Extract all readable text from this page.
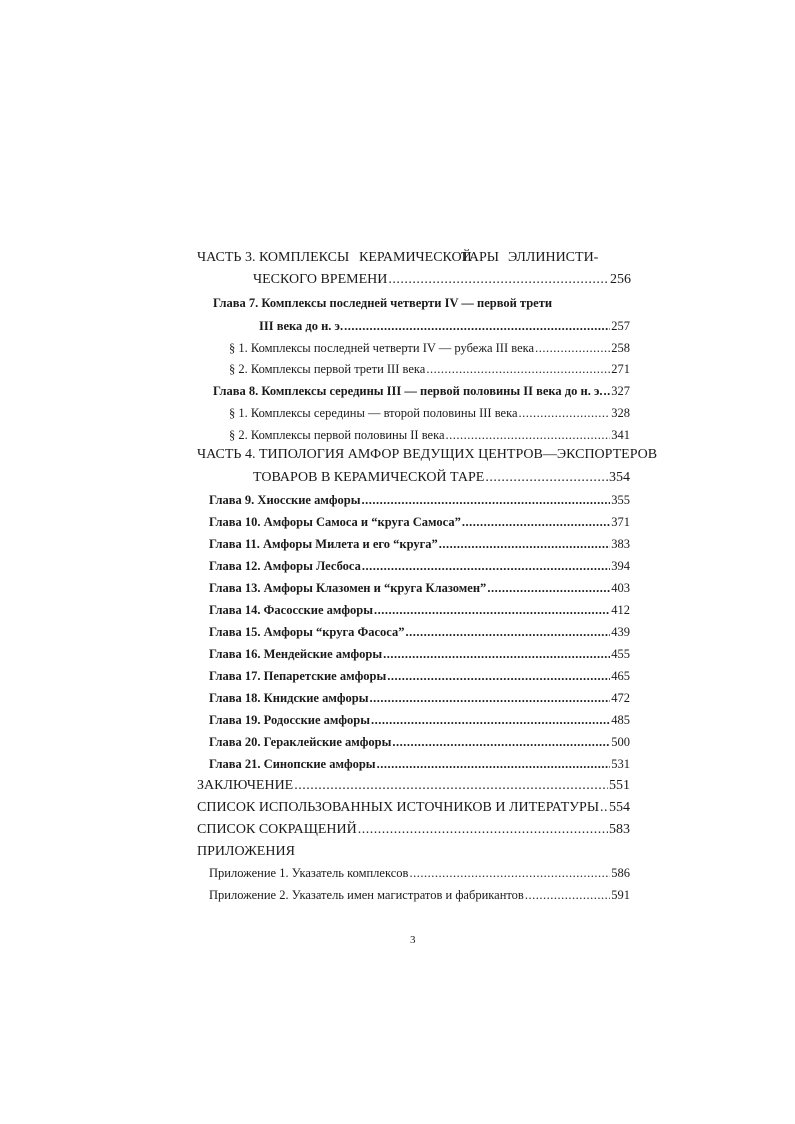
ЧАСТЬ 3. КОМПЛЕКСЫ КЕРАМИЧЕСКОЙ
ТАРЫ ЭЛЛИНИСТИ-
ЧЕСКОГО ВРЕМЕНИ .....	256
Глава 7. Комплексы последней четверти IV — первой трети
III века до н. э. .....	257
§ 1. Комплексы последней четверти IV — рубежа III века .....	258
§ 2. Комплексы первой трети III века .....	271
Глава 8. Комплексы середины III — первой половины II века до н. э. ..... 327
§ 1. Комплексы середины — второй половины III века .....	328
§ 2. Комплексы первой половины II века .....	341
ЧАСТЬ 4. ТИПОЛОГИЯ АМФОР ВЕДУЩИХ ЦЕНТРОВ—ЭКСПОРТЕРОВ
ТОВАРОВ В КЕРАМИЧЕСКОЙ ТАРЕ .....	354
Глава 9. Хиосские амфоры .....	355
Глава 10. Амфоры Самоса и “круга Самоса” .....	371
Глава 11. Амфоры Милета и его “круга” .....	383
Глава 12. Амфоры Лесбоса .....	394
Глава 13. Амфоры Клазомен и “круга Клазомен” .....	403
Глава 14. Фасосские амфоры .....	412
Глава 15. Амфоры “круга Фасоса” .....	439
Глава 16. Мендейские амфоры .....	455
Глава 17. Пепаретские амфоры .....	465
Глава 18. Книдские амфоры .....	472
Глава 19. Родосские амфоры .....	485
Глава 20. Гераклейские амфоры .....	500
Глава 21. Синопские амфоры .....	531
ЗАКЛЮЧЕНИЕ .....	551
СПИСОК ИСПОЛЬЗОВАННЫХ ИСТОЧНИКОВ И ЛИТЕРАТУРЫ ..... 554
СПИСОК СОКРАЩЕНИЙ .....	583
ПРИЛОЖЕНИЯ
Приложение 1. Указатель комплексов .....	586
Приложение 2. Указатель имен магистратов и фабрикантов .....	591
3
